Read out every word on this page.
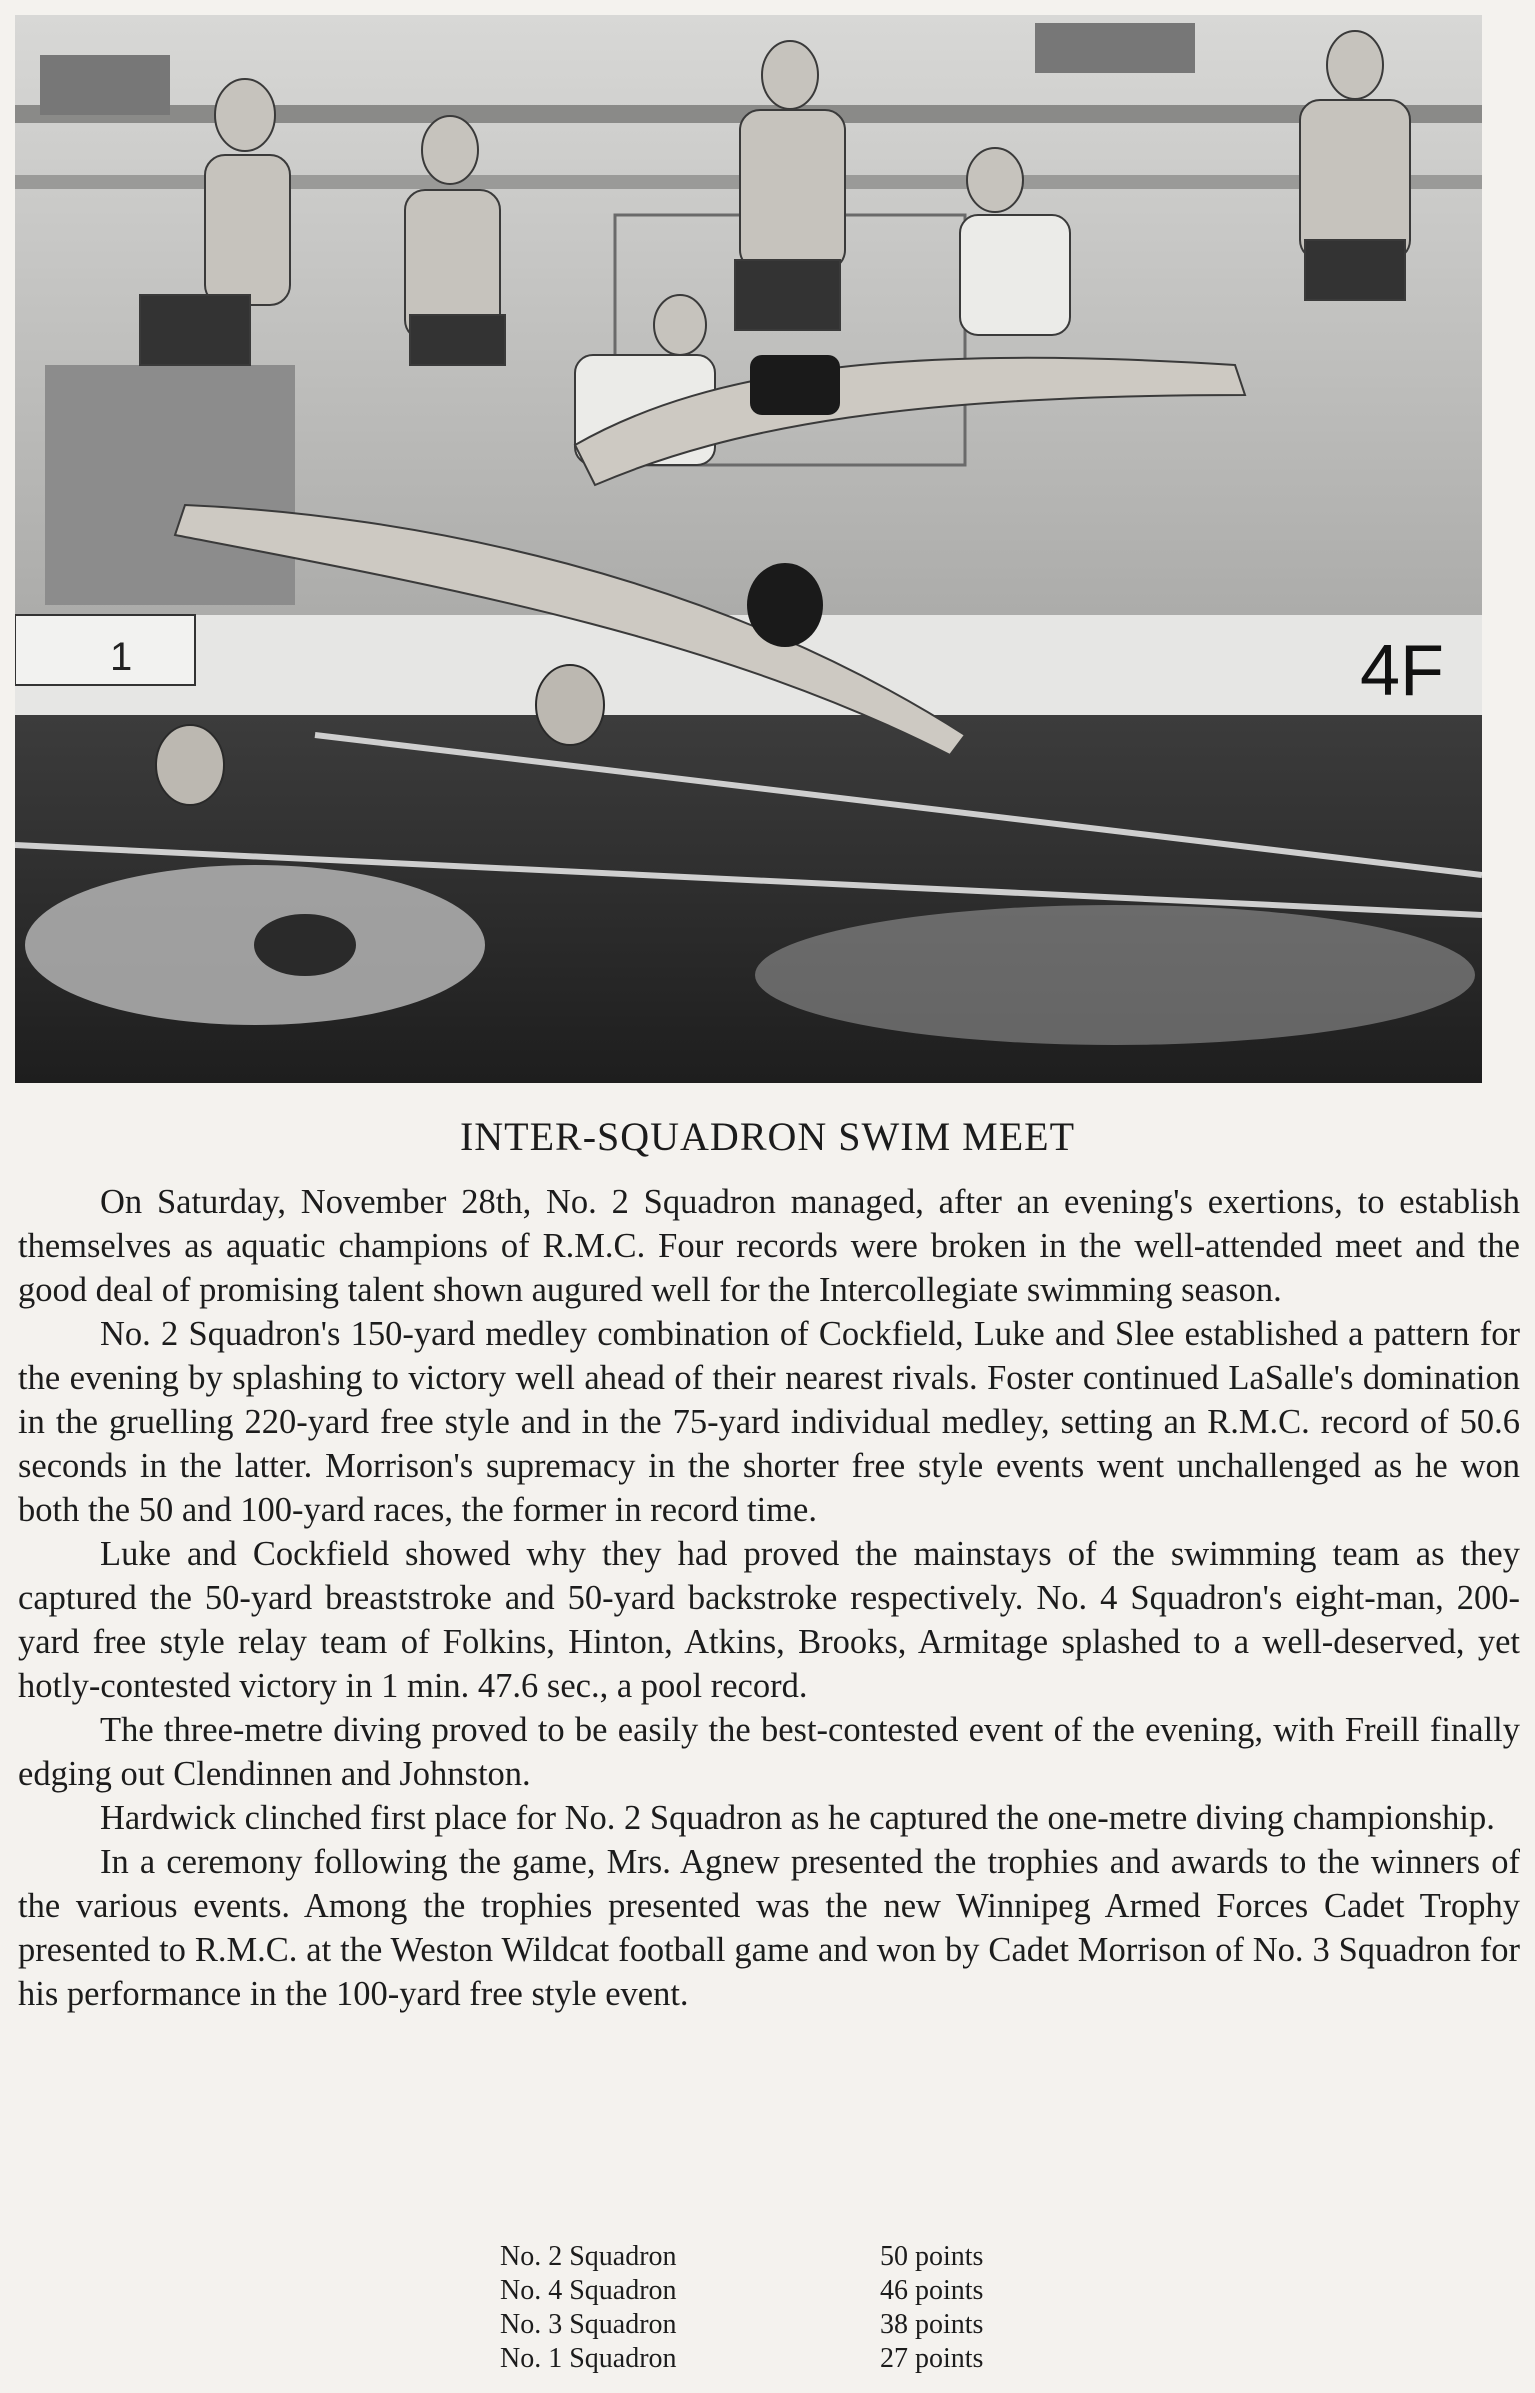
1	4F
INTER-SQUADRON SWIM MEET

On Saturday, November 28th, No. 2 Squadron managed, after an evening's exertions, to establish themselves as aquatic champions of R.M.C. Four records were broken in the well-attended meet and the good deal of promising talent shown augured well for the Intercollegiate swimming season.

No. 2 Squadron's 150-yard medley combination of Cockfield, Luke and Slee established a pattern for the evening by splashing to victory well ahead of their nearest rivals. Foster continued LaSalle's domination in the gruelling 220-yard free style and in the 75-yard individual medley, setting an R.M.C. record of 50.6 seconds in the latter. Morrison's supremacy in the shorter free style events went unchallenged as he won both the 50 and 100-yard races, the former in record time.

Luke and Cockfield showed why they had proved the mainstays of the swimming team as they captured the 50-yard breaststroke and 50-yard backstroke respectively. No. 4 Squadron's eight-man, 200-yard free style relay team of Folkins, Hinton, Atkins, Brooks, Armitage splashed to a well-deserved, yet hotly-contested victory in 1 min. 47.6 sec., a pool record.

The three-metre diving proved to be easily the best-contested event of the evening, with Freill finally edging out Clendinnen and Johnston.

Hardwick clinched first place for No. 2 Squadron as he captured the one-metre diving championship.

In a ceremony following the game, Mrs. Agnew presented the trophies and awards to the winners of the various events. Among the trophies presented was the new Winnipeg Armed Forces Cadet Trophy presented to R.M.C. at the Weston Wildcat football game and won by Cadet Morrison of No. 3 Squadron for his performance in the 100-yard free style event.

No. 2 Squadron	50 points
No. 4 Squadron	46 points
No. 3 Squadron	38 points
No. 1 Squadron	27 points
